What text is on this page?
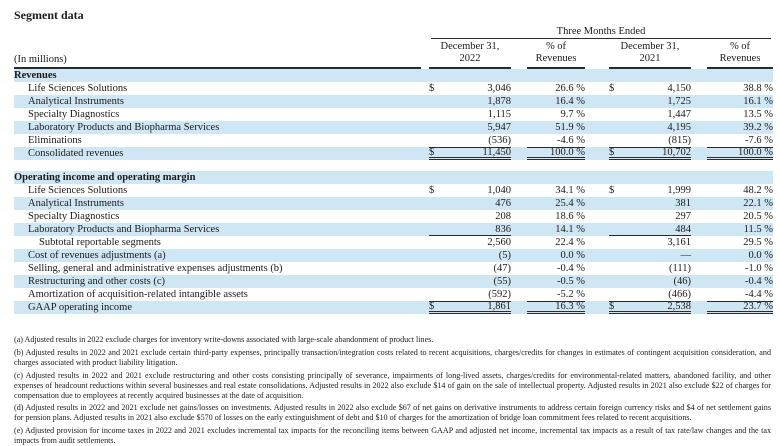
Segment data
(In millions)
Three Months Ended
December 31,
2022
% of
Revenues
December 31,
2021
% of
Revenues
Revenues
Life Sciences Solutions	$	3,046	26.6 % $	4,150	38.8 %
Analytical Instruments	1,878	16.4 %	1,725	16.1 %
Specialty Diagnostics	1,115	9.7 %	1,447	13.5 %
Laboratory Products and Biopharma Services	5,947	51.9 %	4,195	39.2 %
Eliminations	(536)	-4.6 %	(815)	-7.6 %
Consolidated revenues	$	11,450	100.0 % $	10,702	100.0 %
Operating income and operating margin
Life Sciences Solutions	$	1,040	34.1 % $	1,999	48.2 %
Analytical Instruments	476	25.4 %	381	22.1 %
Specialty Diagnostics	208	18.6 %	297	20.5 %
Laboratory Products and Biopharma Services	836	14.1 %	484	11.5 %
Subtotal reportable segments	2,560	22.4 %	3,161	29.5 %
Cost of revenues adjustments (a)	(5)	0.0 %	—	0.0 %
Selling, general and administrative expenses adjustments (b)	(47)	-0.4 %	(111)	-1.0 %
Restructuring and other costs (c)	(55)	-0.5 %	(46)	-0.4 %
Amortization of acquisition-related intangible assets	(592)	-5.2 %	(466)	-4.4 %
GAAP operating income	$	1,861	16.3 % $	2,538	23.7 %
(a) Adjusted results in 2022 exclude charges for inventory write-downs associated with large-scale abandonment of product lines.
(b) Adjusted results in 2022 and 2021 exclude certain third-party expenses, principally transaction/integration costs related to recent acquisitions, charges/credits for changes in estimates of contingent acquisition consideration, and charges associated with product liability litigation.
(c) Adjusted results in 2022 and 2021 exclude restructuring and other costs consisting principally of severance, impairments of long-lived assets, charges/credits for environmental-related matters, abandoned facility, and other expenses of headcount reductions within several businesses and real estate consolidations. Adjusted results in 2022 also exclude $14 of gain on the sale of intellectual property. Adjusted results in 2021 also exclude $22 of charges for compensation due to employees at recently acquired businesses at the date of acquisition.
(d) Adjusted results in 2022 and 2021 exclude net gains/losses on investments. Adjusted results in 2022 also exclude $67 of net gains on derivative instruments to address certain foreign currency risks and $4 of net settlement gains for pension plans. Adjusted results in 2021 also exclude $570 of losses on the early extinguishment of debt and $10 of charges for the amortization of bridge loan commitment fees related to recent acquisitions.
(e) Adjusted provision for income taxes in 2022 and 2021 excludes incremental tax impacts for the reconciling items between GAAP and adjusted net income, incremental tax impacts as a result of tax rate/law changes and the tax impacts from audit settlements.
